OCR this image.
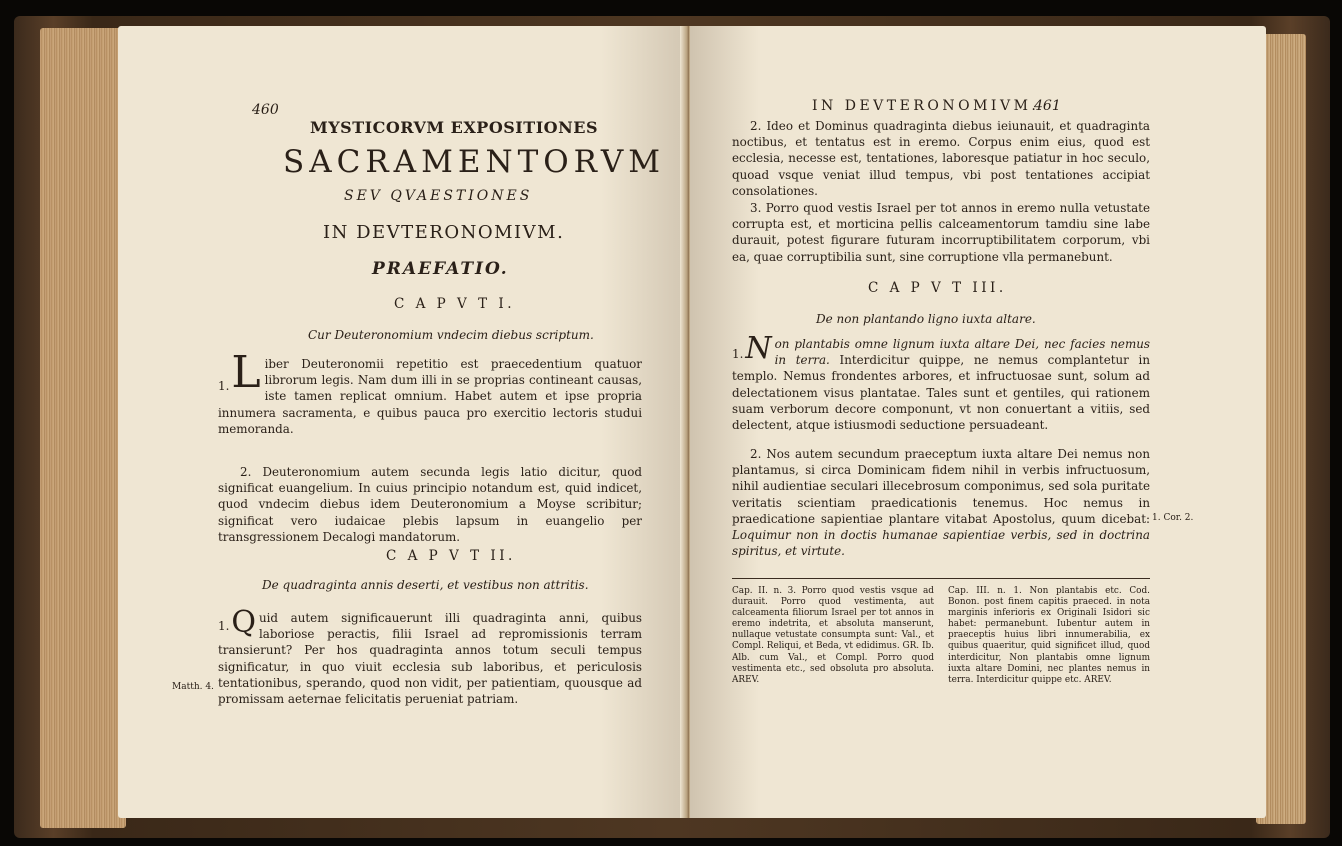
460
MYSTICORVM EXPOSITIONES
SACRAMENTORVM
SEV QVAESTIONES
IN DEVTERONOMIVM.
PRAEFATIO.
C A P V T I.
Cur Deuteronomium vndecim diebus scriptum.

1. L iber Deuteronomii repetitio est praecedentium quatuor librorum legis. Nam dum illi in se proprias contineant causas, iste tamen replicat omnium. Habet autem et ipse propria innumera sacramenta, e quibus pauca pro exercitio lectoris studui memoranda.

2. Deuteronomium autem secunda legis latio dicitur, quod significat euangelium. In cuius principio notandum est, quid indicet, quod vndecim diebus idem Deuteronomium a Moyse scribitur; significat vero iudaicae plebis lapsum in euangelio per transgressionem Decalogi mandatorum.

C A P V T II.
De quadraginta annis deserti, et vestibus non attritis.

1. Q uid autem significauerunt illi quadraginta anni, quibus laboriose peractis, filii Israel ad repromissionis terram transierunt? Per hos quadraginta annos totum seculi tempus significatur, in quo viuit ecclesia sub laboribus, et periculosis tentationibus, sperando, quod non vidit, per patientiam, quousque ad promissam aeternae felicitatis perueniat patriam.

Matth. 4.
IN DEVTERONOMIVM.
461

2. Ideo et Dominus quadraginta diebus ieiunauit, et quadraginta noctibus, et tentatus est in eremo. Corpus enim eius, quod est ecclesia, necesse est, tentationes, laboresque patiatur in hoc seculo, quoad vsque veniat illud tempus, vbi post tentationes accipiat consolationes.

3. Porro quod vestis Israel per tot annos in eremo nulla vetustate corrupta est, et morticina pellis calceamentorum tamdiu sine labe durauit, potest figurare futuram incorruptibilitatem corporum, vbi ea, quae corruptibilia sunt, sine corruptione vlla permanebunt.

C A P V T III.
De non plantando ligno iuxta altare.

1. N on plantabis omne lignum iuxta altare Dei, nec facies nemus in terra. Interdicitur quippe, ne nemus complantetur in templo. Nemus frondentes arbores, et infructuosae sunt, solum ad delectationem visus plantatae. Tales sunt et gentiles, qui rationem suam verborum decore componunt, vt non conuertant a vitiis, sed delectent, atque istiusmodi seductione persuadeant.

2. Nos autem secundum praeceptum iuxta altare Dei nemus non plantamus, si circa Dominicam fidem nihil in verbis infructuosum, nihil audientiae seculari illecebrosum componimus, sed sola puritate veritatis scientiam praedicationis tenemus. Hoc nemus in praedicatione sapientiae plantare vitabat Apostolus, quum dicebat: Loquimur non in doctis humanae sapientiae verbis, sed in doctrina spiritus, et virtute.

Cap. II. n. 3. Porro quod vestis vsque ad durauit. Porro quod vestimenta, aut calceamenta filiorum Israel per tot annos in eremo indetrita, et absoluta manserunt, nullaque vetustate consumpta sunt: Val., et Compl. Reliqui, et Beda, vt edidimus. GR. Ib. Alb. cum Val., et Compl. Porro quod vestimenta etc., sed obsoluta pro absoluta. AREV.

Cap. III. n. 1. Non plantabis etc. Cod. Bonon. post finem capitis praeced. in nota marginis inferioris ex Originali Isidori sic habet: permanebunt. Iubentur autem in praeceptis huius libri innumerabilia, ex quibus quaeritur, quid significet illud, quod interdicitur, Non plantabis omne lignum iuxta altare Domini, nec plantes nemus in terra. Interdicitur quippe etc. AREV.

1. Cor. 2.
